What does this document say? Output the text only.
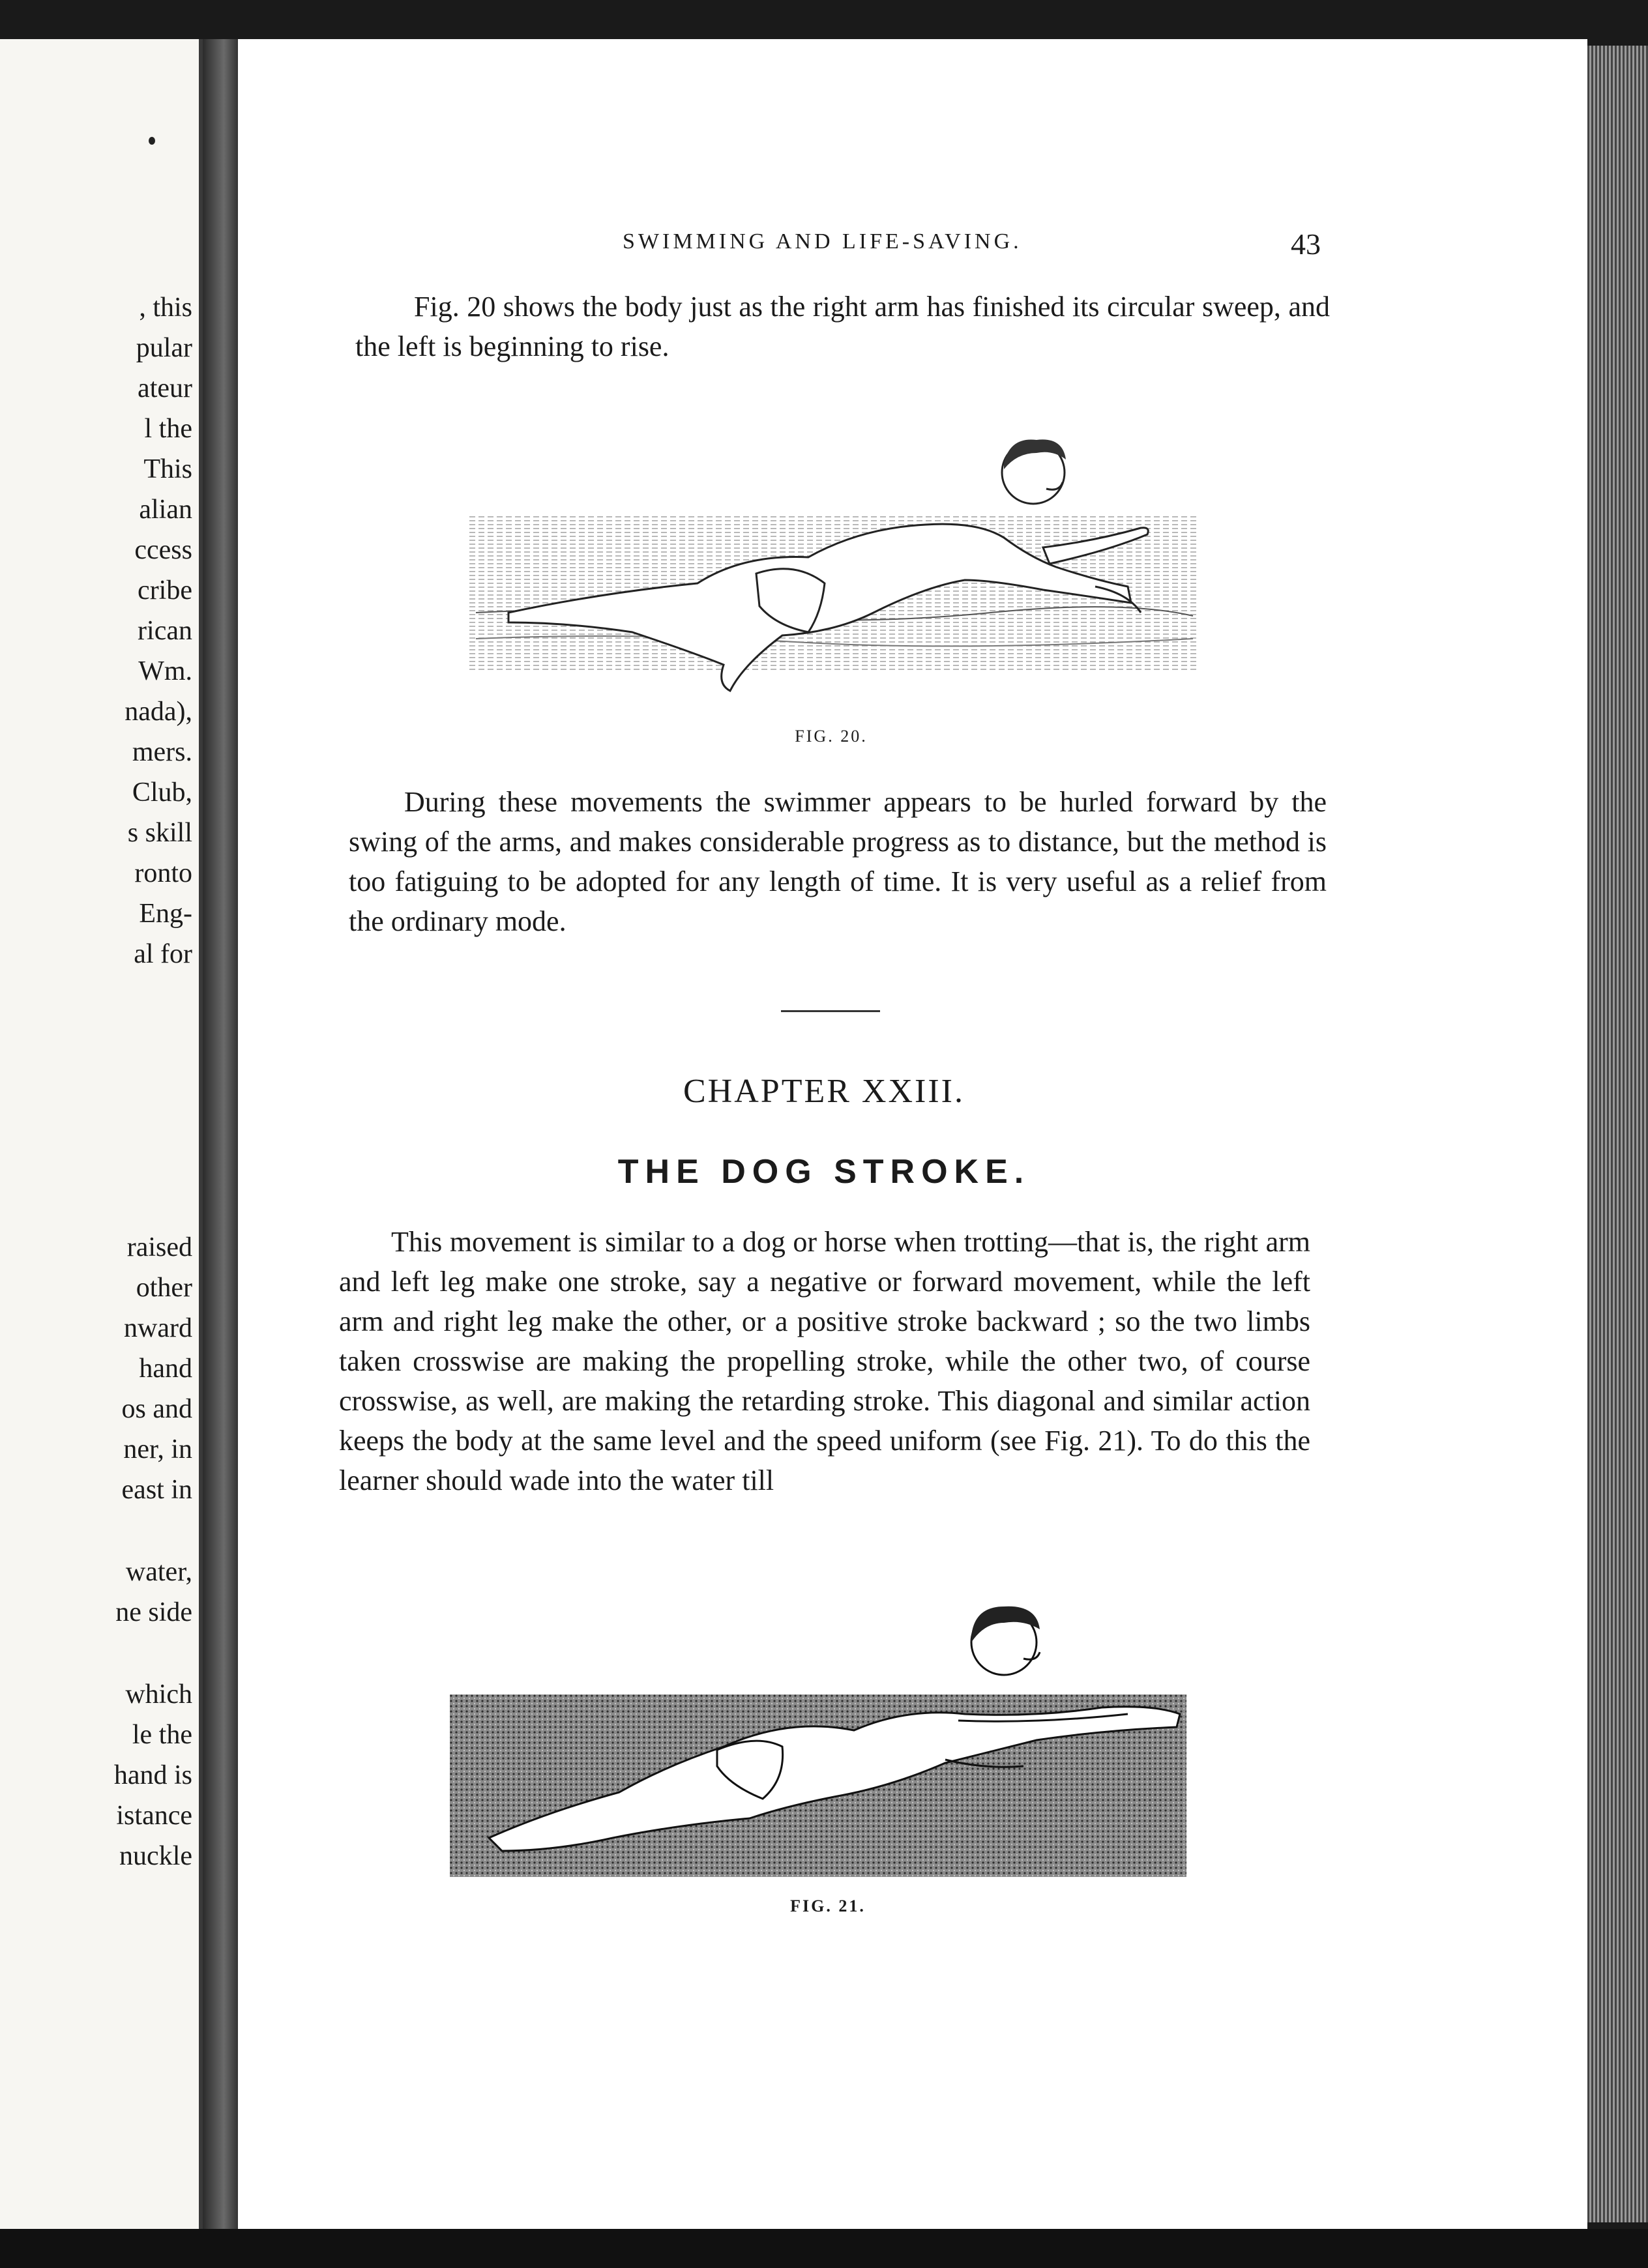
, this
pular
ateur
l the
This
alian
ccess
cribe
rican
Wm.
nada),
mers.
Club,
s skill
ronto
Eng-
al for
raised
other
nward
hand
os and
ner, in
east in
water,
ne side
which
le the
hand is
istance
nuckle
SWIMMING AND LIFE-SAVING.	43
Fig. 20 shows the body just as the right arm has finished its circular sweep, and the left is beginning to rise.
FIG. 20.
During these movements the swimmer appears to be hurled forward by the swing of the arms, and makes considerable progress as to distance, but the method is too fatiguing to be adopted for any length of time. It is very useful as a relief from the ordinary mode.
CHAPTER XXIII.
THE DOG STROKE.
This movement is similar to a dog or horse when trotting—that is, the right arm and left leg make one stroke, say a negative or forward movement, while the left arm and right leg make the other, or a positive stroke backward ; so the two limbs taken crosswise are making the propelling stroke, while the other two, of course crosswise, as well, are making the retarding stroke. This diagonal and similar action keeps the body at the same level and the speed uniform (see Fig. 21). To do this the learner should wade into the water till
FIG. 21.
